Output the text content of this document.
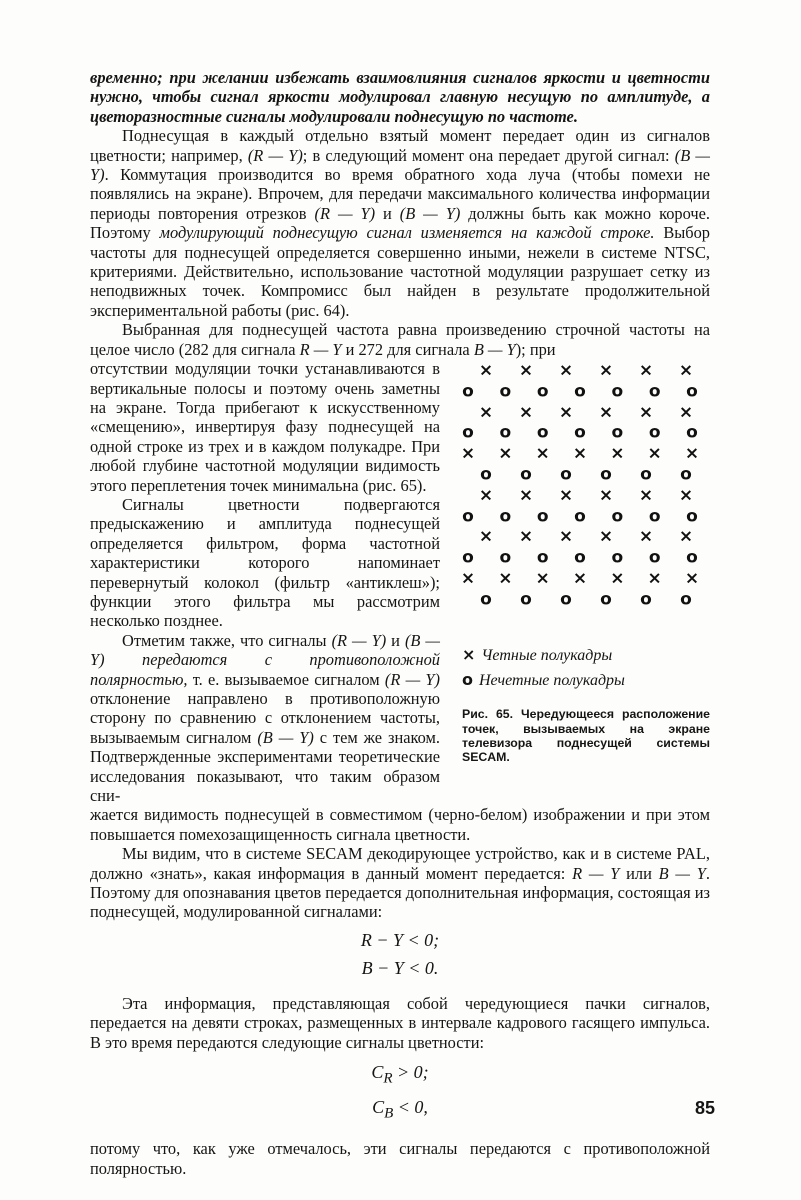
временно; при желании избежать взаимовлияния сигналов яркости и цветности нужно, чтобы сигнал яркости модулировал главную несущую по амплитуде, а цветоразностные сигналы модулировали поднесущую по частоте.

Поднесущая в каждый отдельно взятый момент передает один из сигналов цветности; например, (R — Y); в следующий момент она передает другой сигнал: (B — Y). Коммутация производится во время обратного хода луча (чтобы помехи не появлялись на экране). Впрочем, для передачи максимального количества информации периоды повторения отрезков (R — Y) и (B — Y) должны быть как можно короче. Поэтому модулирующий поднесущую сигнал изменяется на каждой строке. Выбор частоты для поднесущей определяется совершенно иными, нежели в системе NTSC, критериями. Действительно, использование частотной модуляции разрушает сетку из неподвижных точек. Компромисс был найден в результате продолжительной экспериментальной работы (рис. 64).

Выбранная для поднесущей частота равна произведению строчной частоты на целое число (282 для сигнала R — Y и 272 для сигнала B — Y); при

отсутствии модуляции точки устанавливаются в вертикальные полосы и поэтому очень заметны на экране. Тогда прибегают к искусственному «смещению», инвертируя фазу поднесущей на одной строке из трех и в каждом полукадре. При любой глубине частотной модуляции видимость этого переплетения точек минимальна (рис. 65).

Сигналы цветности подвергаются предыскажению и амплитуда поднесущей определяется фильтром, форма частотной характеристики которого напоминает перевернутый колокол (фильтр «антиклеш»); функции этого фильтра мы рассмотрим несколько позднее.

Отметим также, что сигналы (R — Y) и (B — Y) передаются с противоположной полярностью, т. е. вызываемое сигналом (R — Y) отклонение направлено в противоположную сторону по сравнению с отклонением частоты, вызываемым сигналом (B — Y) с тем же знаком. Подтвержденные экспериментами теоретические исследования показывают, что таким образом сни-

× × × × × ×
o o o o o o o
× × × × × ×
o o o o o o o
× × × × × × ×
o o o o o o
× × × × × ×
o o o o o o o
× × × × × ×
o o o o o o o
× × × × × × ×
o o o o o o
× Четные полукадры
o Нечетные полукадры
Рис. 65. Чередующееся расположение точек, вызываемых на экране телевизора поднесущей системы SECAM.

жается видимость поднесущей в совместимом (черно-белом) изображении и при этом повышается помехозащищенность сигнала цветности.

Мы видим, что в системе SECAM декодирующее устройство, как и в системе PAL, должно «знать», какая информация в данный момент передается: R — Y или B — Y. Поэтому для опознавания цветов передается дополнительная информация, состоящая из поднесущей, модулированной сигналами:

R − Y < 0;
B − Y < 0.

Эта информация, представляющая собой чередующиеся пачки сигналов, передается на девяти строках, размещенных в интервале кадрового гасящего импульса. В это время передаются следующие сигналы цветности:

$C_R > 0$;
$C_B < 0$,

потому что, как уже отмечалось, эти сигналы передаются с противоположной полярностью.

85
